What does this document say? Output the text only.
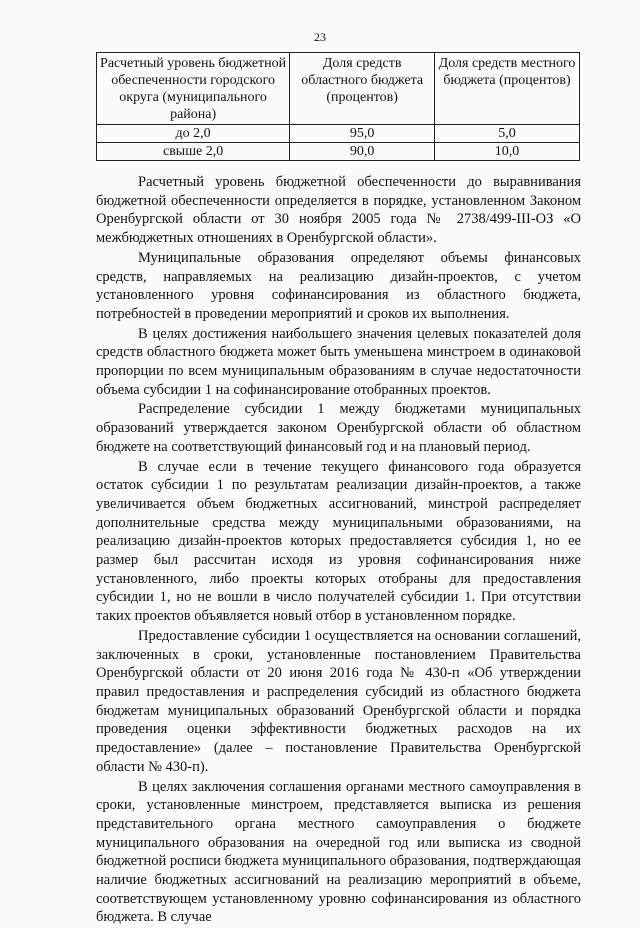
23
Расчетный уровень бюджетной обеспеченности городского округа (муниципального района)	Доля средств областного бюджета (процентов)	Доля средств местного бюджета (процентов)
до 2,0	95,0	5,0
свыше 2,0	90,0	10,0

Расчетный уровень бюджетной обеспеченности до выравнивания бюджетной обеспеченности определяется в порядке, установленном Законом Оренбургской области от 30 ноября 2005 года № 2738/499-III-ОЗ «О межбюджетных отношениях в Оренбургской области».

Муниципальные образования определяют объемы финансовых средств, направляемых на реализацию дизайн-проектов, с учетом установленного уровня софинансирования из областного бюджета, потребностей в проведении мероприятий и сроков их выполнения.

В целях достижения наибольшего значения целевых показателей доля средств областного бюджета может быть уменьшена минстроем в одинаковой пропорции по всем муниципальным образованиям в случае недостаточности объема субсидии 1 на софинансирование отобранных проектов.

Распределение субсидии 1 между бюджетами муниципальных образований утверждается законом Оренбургской области об областном бюджете на соответствующий финансовый год и на плановый период.

В случае если в течение текущего финансового года образуется остаток субсидии 1 по результатам реализации дизайн-проектов, а также увеличивается объем бюджетных ассигнований, минстрой распределяет дополнительные средства между муниципальными образованиями, на реализацию дизайн-проектов которых предоставляется субсидия 1, но ее размер был рассчитан исходя из уровня софинансирования ниже установленного, либо проекты которых отобраны для предоставления субсидии 1, но не вошли в число получателей субсидии 1. При отсутствии таких проектов объявляется новый отбор в установленном порядке.

Предоставление субсидии 1 осуществляется на основании соглашений, заключенных в сроки, установленные постановлением Правительства Оренбургской области от 20 июня 2016 года № 430-п «Об утверждении правил предоставления и распределения субсидий из областного бюджета бюджетам муниципальных образований Оренбургской области и порядка проведения оценки эффективности бюджетных расходов на их предоставление» (далее – постановление Правительства Оренбургской области № 430-п).

В целях заключения соглашения органами местного самоуправления в сроки, установленные минстроем, представляется выписка из решения представительного органа местного самоуправления о бюджете муниципального образования на очередной год или выписка из сводной бюджетной росписи бюджета муниципального образования, подтверждающая наличие бюджетных ассигнований на реализацию мероприятий в объеме, соответствующем установленному уровню софинансирования из областного бюджета. В случае
